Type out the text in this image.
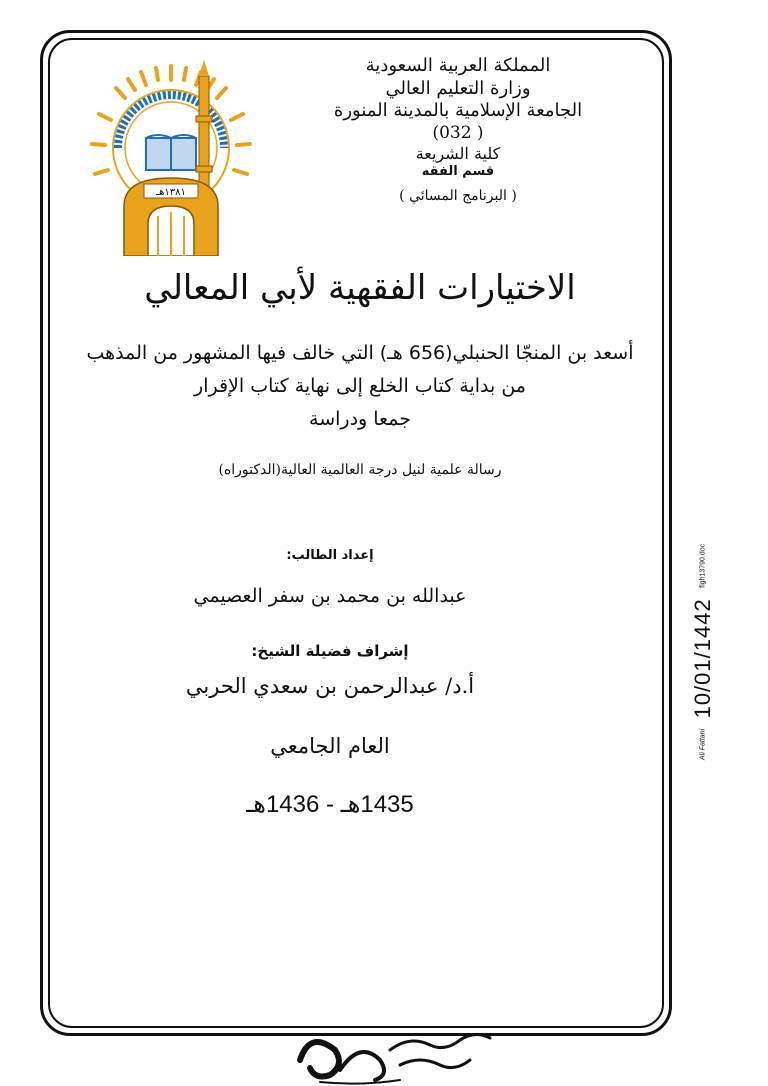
المملكة العربية السعودية
وزارة التعليم العالي
الجامعة الإسلامية بالمدينة المنورة
( 032)
كلية الشريعة
قسم الفقه
( البرنامج المسائي )
١٣٨١هـ
الاختيارات الفقهية لأبي المعالي
أسعد بن المنجّا الحنبلي(656 هـ) التي خالف فيها المشهور من المذهب
من بداية كتاب الخلع إلى نهاية كتاب الإقرار
جمعا ودراسة
رسالة علمية لنيل درجة العالمية العالية(الدكتوراه)
إعداد الطالب:
عبدالله بن محمد بن سفر العصيمي
إشراف فضيلة الشيخ:
أ.د/ عبدالرحمن بن سعدي الحربي
العام الجامعي
1435هـ - 1436هـ
Ali Fattani 10/01/1442 figh13790.doc
